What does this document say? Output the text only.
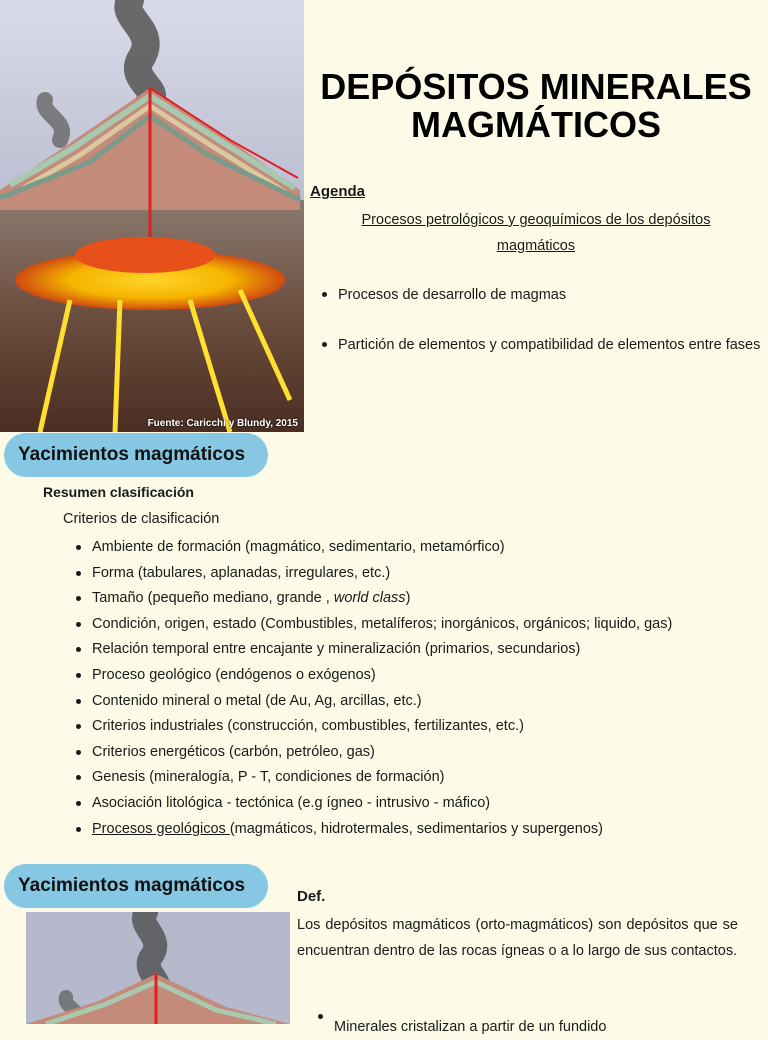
Fuente: Caricchi y Blundy, 2015
DEPÓSITOS MINERALES MAGMÁTICOS
Agenda
Procesos petrológicos y geoquímicos de los depósitos magmáticos
Procesos de desarrollo de magmas
Partición de elementos y compatibilidad de elementos entre fases
Yacimientos magmáticos
Resumen clasificación
Criterios de clasificación
Ambiente de formación (magmático, sedimentario, metamórfico)
Forma (tabulares, aplanadas, irregulares, etc.)
Tamaño (pequeño mediano, grande , world class)
Condición, origen, estado (Combustibles, metalíferos; inorgánicos, orgánicos; liquido, gas)
Relación temporal entre encajante y mineralización (primarios, secundarios)
Proceso geológico (endógenos o exógenos)
Contenido mineral o metal (de Au, Ag, arcillas, etc.)
Criterios industriales (construcción, combustibles, fertilizantes, etc.)
Criterios energéticos (carbón, petróleo, gas)
Genesis (mineralogía, P - T, condiciones de formación)
Asociación litológica - tectónica (e.g ígneo - intrusivo - máfico)
Procesos geológicos (magmáticos, hidrotermales, sedimentarios y supergenos)
Yacimientos magmáticos
Def.
Los depósitos magmáticos (orto-magmáticos) son depósitos que se encuentran dentro de las rocas ígneas o a lo largo de sus contactos.
Minerales cristalizan a partir de un fundido
